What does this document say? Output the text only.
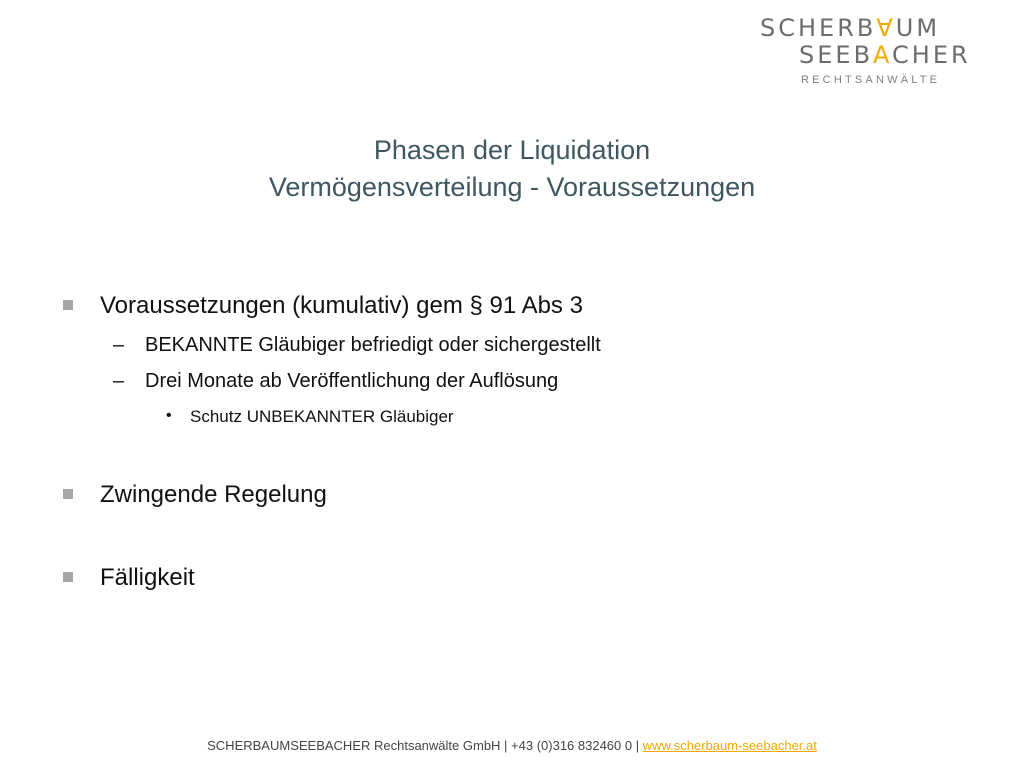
SCHERB∀UM
SEEBACHER
RECHTSANWÄLTE
Phasen der Liquidation
Vermögensverteilung - Voraussetzungen
Voraussetzungen (kumulativ) gem § 91 Abs 3
– BEKANNTE Gläubiger befriedigt oder sichergestellt
– Drei Monate ab Veröffentlichung der Auflösung
• Schutz UNBEKANNTER Gläubiger
Zwingende Regelung
Fälligkeit
SCHERBAUMSEEBACHER Rechtsanwälte GmbH | +43 (0)316 832460 0 | www.scherbaum-seebacher.at
